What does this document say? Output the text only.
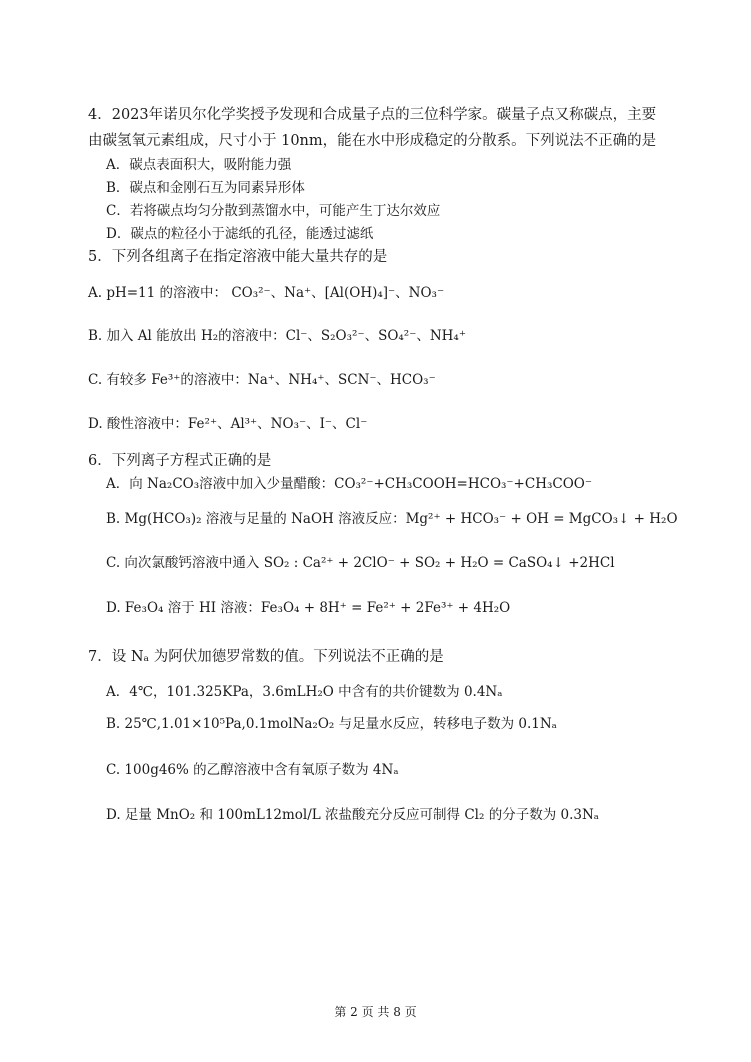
4．2023年诺贝尔化学奖授予发现和合成量子点的三位科学家。碳量子点又称碳点，主要
由碳氢氧元素组成，尺寸小于 10nm，能在水中形成稳定的分散系。下列说法不正确的是
A．碳点表面积大，吸附能力强
B．碳点和金刚石互为同素异形体
C．若将碳点均匀分散到蒸馏水中，可能产生丁达尔效应
D．碳点的粒径小于滤纸的孔径，能透过滤纸
5．下列各组离子在指定溶液中能大量共存的是
A. pH=11 的溶液中： CO₃²⁻、Na⁺、[Al(OH)₄]⁻、NO₃⁻
B. 加入 Al 能放出 H₂的溶液中：Cl⁻、S₂O₃²⁻、SO₄²⁻、NH₄⁺
C. 有较多 Fe³⁺的溶液中：Na⁺、NH₄⁺、SCN⁻、HCO₃⁻
D. 酸性溶液中：Fe²⁺、Al³⁺、NO₃⁻、I⁻、Cl⁻
6．下列离子方程式正确的是
A．向 Na₂CO₃溶液中加入少量醋酸：CO₃²⁻+CH₃COOH=HCO₃⁻+CH₃COO⁻
B. Mg(HCO₃)₂ 溶液与足量的 NaOH 溶液反应：Mg²⁺ + HCO₃⁻ + OH = MgCO₃↓ + H₂O
C. 向次氯酸钙溶液中通入 SO₂ : Ca²⁺ + 2ClO⁻ + SO₂ + H₂O = CaSO₄↓ +2HCl
D. Fe₃O₄ 溶于 HI 溶液：Fe₃O₄ + 8H⁺ = Fe²⁺ + 2Fe³⁺ + 4H₂O
7．设 Nₐ 为阿伏加德罗常数的值。下列说法不正确的是
A．4℃，101.325KPa，3.6mLH₂O 中含有的共价键数为 0.4Nₐ
B. 25℃,1.01×10⁵Pa,0.1molNa₂O₂ 与足量水反应，转移电子数为 0.1Nₐ
C. 100g46% 的乙醇溶液中含有氧原子数为 4Nₐ
D. 足量 MnO₂ 和 100mL12mol/L 浓盐酸充分反应可制得 Cl₂ 的分子数为 0.3Nₐ
第 2 页 共 8 页
